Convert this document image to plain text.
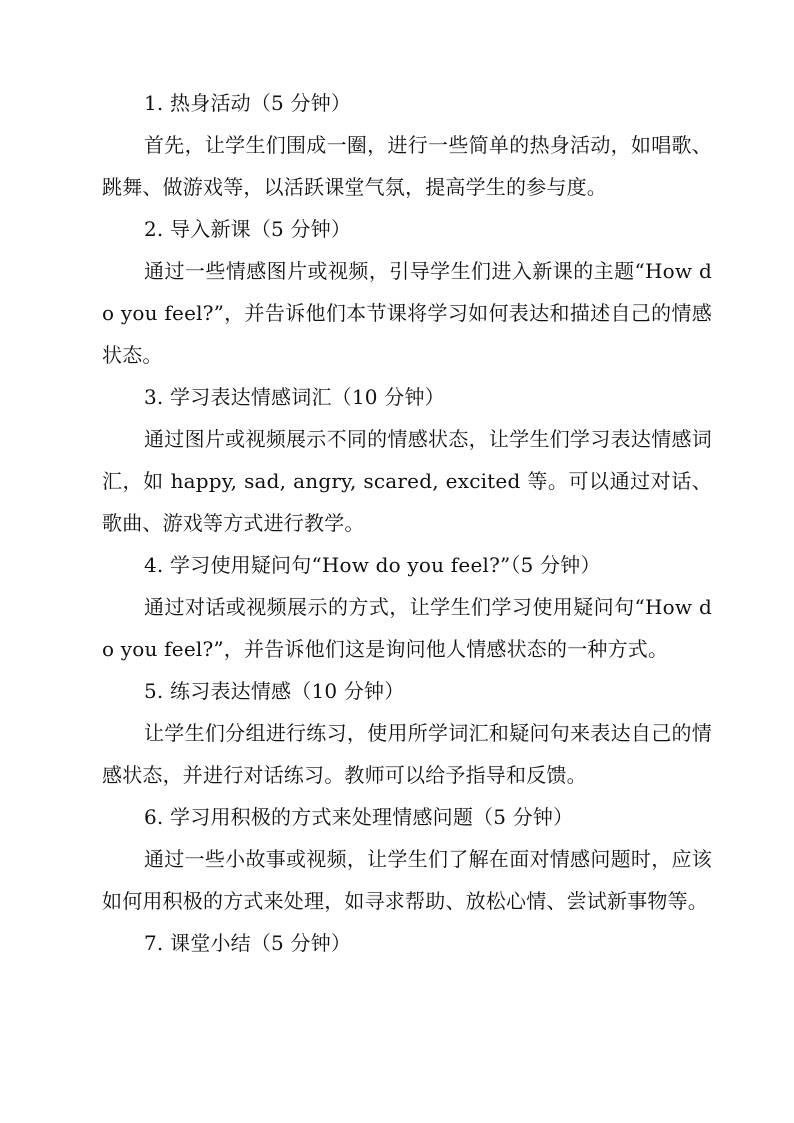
1. 热身活动（5 分钟）

首先，让学生们围成一圈，进行一些简单的热身活动，如唱歌、跳舞、做游戏等，以活跃课堂气氛，提高学生的参与度。

2. 导入新课（5 分钟）

通过一些情感图片或视频，引导学生们进入新课的主题“How do you feel?”，并告诉他们本节课将学习如何表达和描述自己的情感状态。

3. 学习表达情感词汇（10 分钟）

通过图片或视频展示不同的情感状态，让学生们学习表达情感词汇，如 happy, sad, angry, scared, excited 等。可以通过对话、歌曲、游戏等方式进行教学。

4. 学习使用疑问句“How do you feel?”（5 分钟）

通过对话或视频展示的方式，让学生们学习使用疑问句“How do you feel?”，并告诉他们这是询问他人情感状态的一种方式。

5. 练习表达情感（10 分钟）

让学生们分组进行练习，使用所学词汇和疑问句来表达自己的情感状态，并进行对话练习。教师可以给予指导和反馈。

6. 学习用积极的方式来处理情感问题（5 分钟）

通过一些小故事或视频，让学生们了解在面对情感问题时，应该如何用积极的方式来处理，如寻求帮助、放松心情、尝试新事物等。

7. 课堂小结（5 分钟）
